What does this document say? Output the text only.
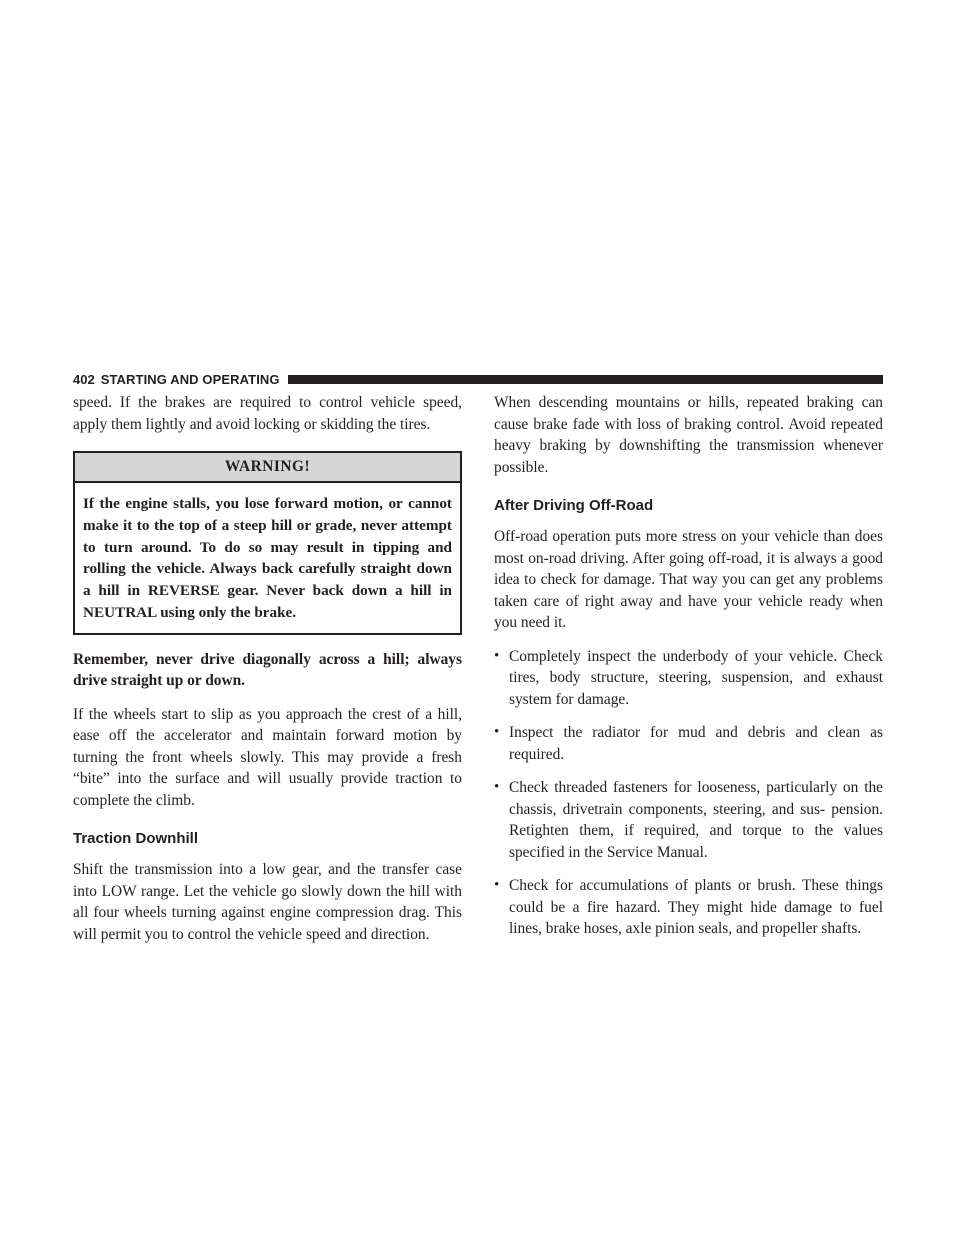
402 STARTING AND OPERATING

speed. If the brakes are required to control vehicle speed, apply them lightly and avoid locking or skidding the tires.

WARNING!
If the engine stalls, you lose forward motion, or cannot make it to the top of a steep hill or grade, never attempt to turn around. To do so may result in tipping and rolling the vehicle. Always back carefully straight down a hill in REVERSE gear. Never back down a hill in NEUTRAL using only the brake.

Remember, never drive diagonally across a hill; always drive straight up or down.

If the wheels start to slip as you approach the crest of a hill, ease off the accelerator and maintain forward motion by turning the front wheels slowly. This may provide a fresh “bite” into the surface and will usually provide traction to complete the climb.

Traction Downhill

Shift the transmission into a low gear, and the transfer case into LOW range. Let the vehicle go slowly down the hill with all four wheels turning against engine compression drag. This will permit you to control the vehicle speed and direction.

When descending mountains or hills, repeated braking can cause brake fade with loss of braking control. Avoid repeated heavy braking by downshifting the transmission whenever possible.

After Driving Off-Road

Off-road operation puts more stress on your vehicle than does most on-road driving. After going off-road, it is always a good idea to check for damage. That way you can get any problems taken care of right away and have your vehicle ready when you need it.

• Completely inspect the underbody of your vehicle. Check tires, body structure, steering, suspension, and exhaust system for damage.
• Inspect the radiator for mud and debris and clean as required.
• Check threaded fasteners for looseness, particularly on the chassis, drivetrain components, steering, and sus- pension. Retighten them, if required, and torque to the values specified in the Service Manual.
• Check for accumulations of plants or brush. These things could be a fire hazard. They might hide damage to fuel lines, brake hoses, axle pinion seals, and propeller shafts.
